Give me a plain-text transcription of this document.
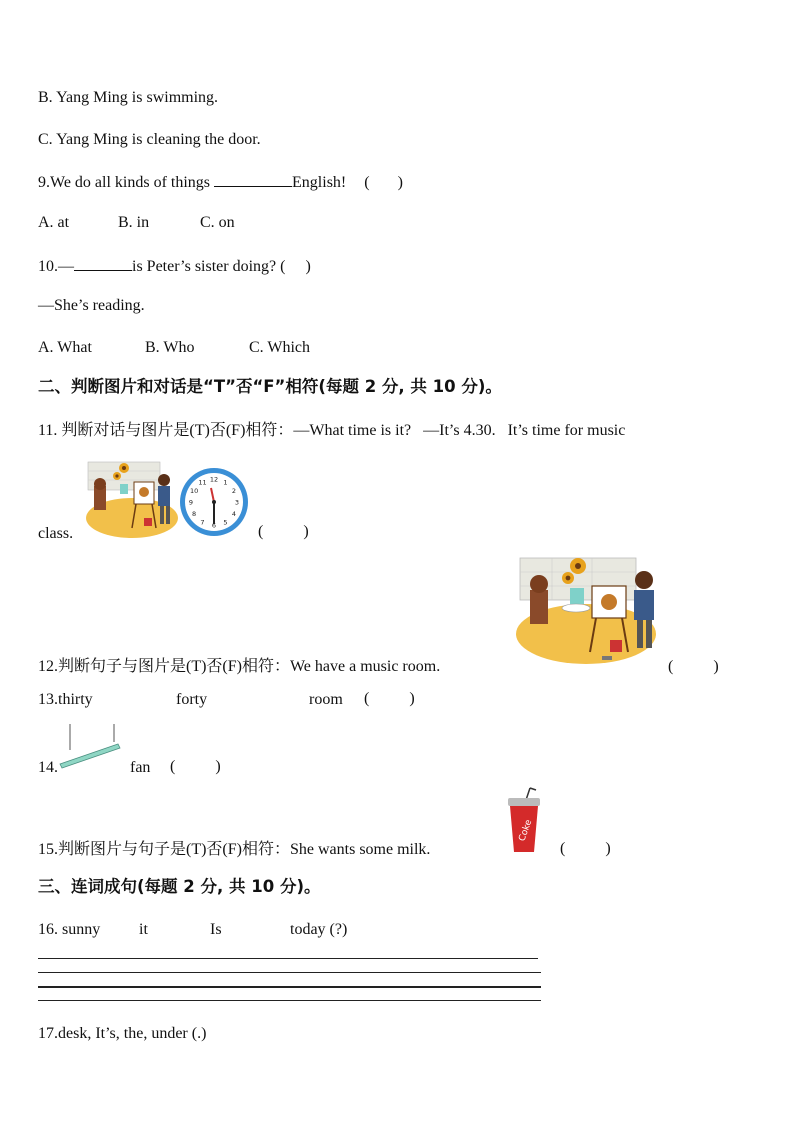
B. Yang Ming is swimming.
C. Yang Ming is cleaning the door.
9.We do all kinds of things	English! (       )
A. at	B. in	C. on
10.—	is Peter’s sister doing? (     )
—She’s reading.
A. What	B. Who	C. Which
二、判断图片和对话是“T”否“F”相符(每题 2 分, 共 10 分)。
11. 判断对话与图片是(T)否(F)相符：—What time is it?   —It’s 4.30.   It’s time for music
12 1
2
3
4
5
6
7
8
9
10
11
class.	(          )
12.判断句子与图片是(T)否(F)相符：We have a music room.	(          )
13.thirty	forty	room (          )
14.	fan (          )
Coke
15.判断图片与句子是(T)否(F)相符：She wants some milk.	(          )
三、连词成句(每题 2 分, 共 10 分)。
16. sunny it	Is	today (?)
17.desk, It’s, the, under (.)
